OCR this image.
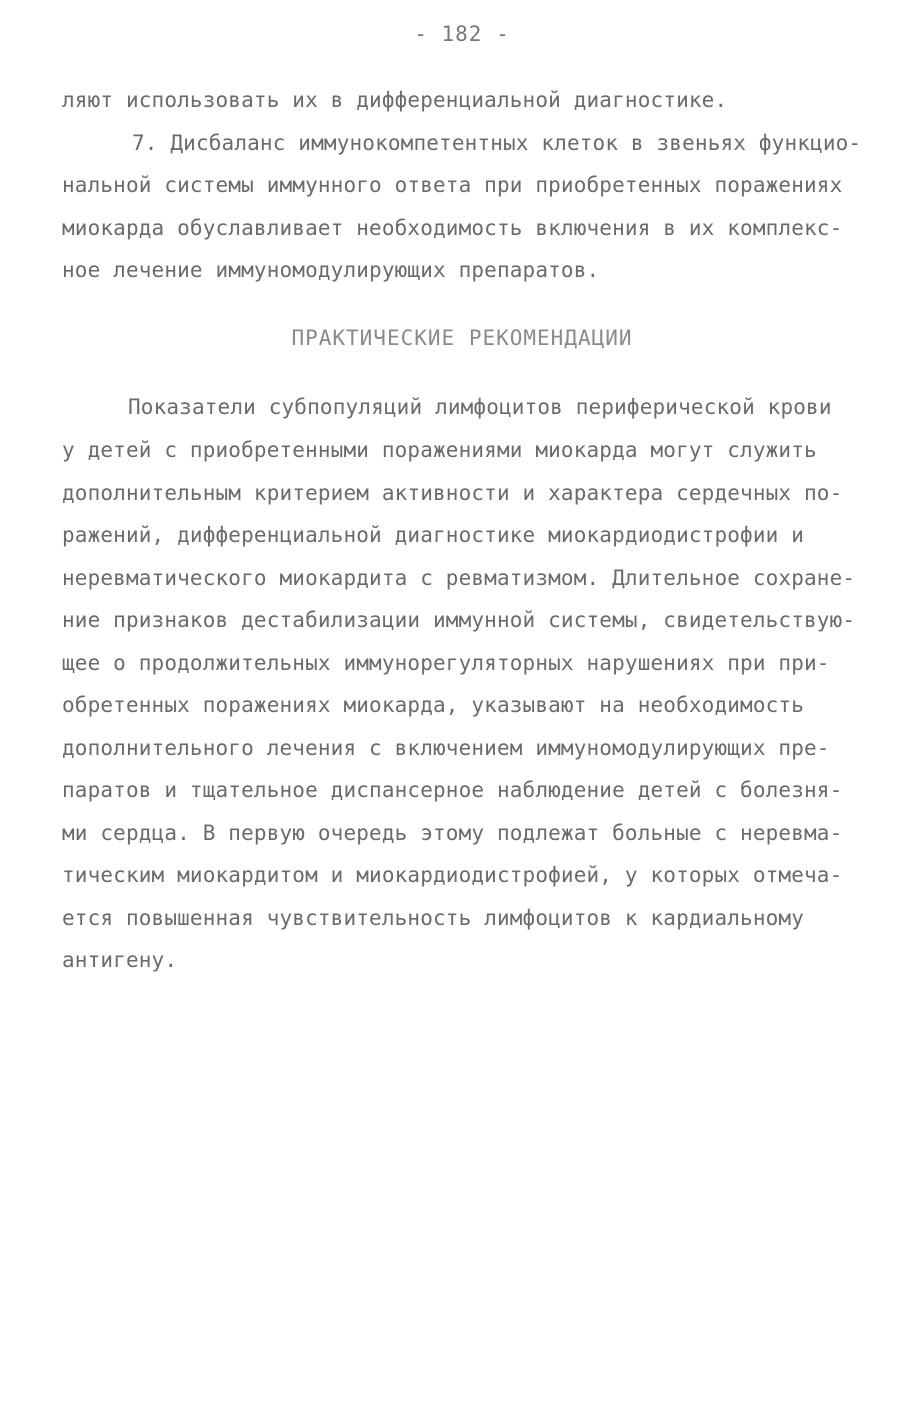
- 182 -
ляют использовать их в дифференциальной диагностике.
7. Дисбаланс иммунокомпетентных клеток в звеньях функцио-
нальной системы иммунного ответа при приобретенных поражениях
миокарда обуславливает необходимость включения в их комплекс-
ное лечение иммуномодулирующих препаратов.
ПРАКТИЧЕСКИЕ РЕКОМЕНДАЦИИ
Показатели субпопуляций лимфоцитов периферической крови
у детей с приобретенными поражениями миокарда могут служить
дополнительным критерием активности и характера сердечных по-
ражений, дифференциальной диагностике миокардиодистрофии и
неревматического миокардита с ревматизмом. Длительное сохране-
ние признаков дестабилизации иммунной системы, свидетельствую-
щее о продолжительных иммунорегуляторных нарушениях при при-
обретенных поражениях миокарда, указывают на необходимость
дополнительного лечения с включением иммуномодулирующих пре-
паратов и тщательное диспансерное наблюдение детей с болезня-
ми сердца. В первую очередь этому подлежат больные с неревма-
тическим миокардитом и миокардиодистрофией, у которых отмеча-
ется повышенная чувствительность лимфоцитов к кардиальному
антигену.
